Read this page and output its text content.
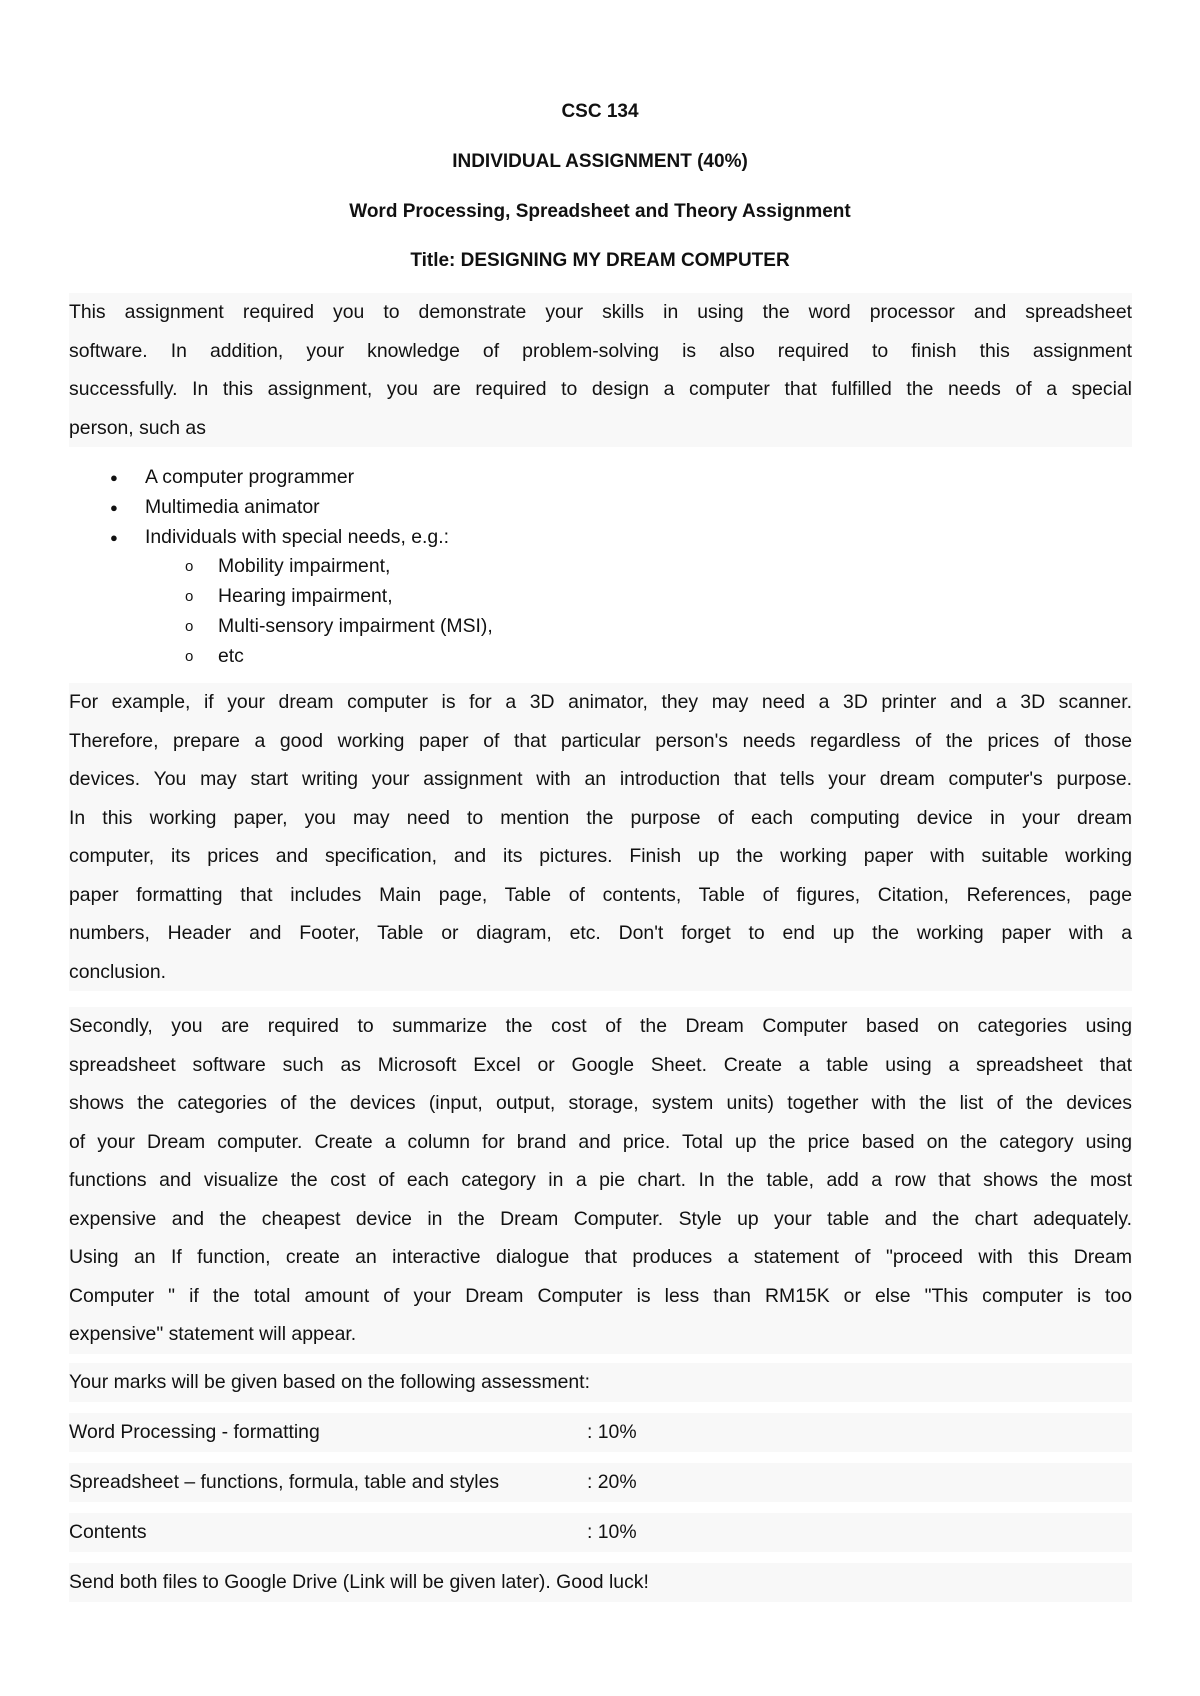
CSC 134
INDIVIDUAL ASSIGNMENT (40%)
Word Processing, Spreadsheet and Theory Assignment
Title: DESIGNING MY DREAM COMPUTER
This assignment required you to demonstrate your skills in using the word processor and spreadsheet
software. In addition, your knowledge of problem-solving is also required to finish this assignment
successfully. In this assignment, you are required to design a computer that fulfilled the needs of a special
person, such as
● A computer programmer
● Multimedia animator
● Individuals with special needs, e.g.:
o Mobility impairment,
o Hearing impairment,
o Multi-sensory impairment (MSI),
o etc
For example, if your dream computer is for a 3D animator, they may need a 3D printer and a 3D scanner.
Therefore, prepare a good working paper of that particular person's needs regardless of the prices of those
devices. You may start writing your assignment with an introduction that tells your dream computer's purpose.
In this working paper, you may need to mention the purpose of each computing device in your dream
computer, its prices and specification, and its pictures. Finish up the working paper with suitable working
paper formatting that includes Main page, Table of contents, Table of figures, Citation, References, page
numbers, Header and Footer, Table or diagram, etc. Don't forget to end up the working paper with a
conclusion.
Secondly, you are required to summarize the cost of the Dream Computer based on categories using
spreadsheet software such as Microsoft Excel or Google Sheet. Create a table using a spreadsheet that
shows the categories of the devices (input, output, storage, system units) together with the list of the devices
of your Dream computer. Create a column for brand and price. Total up the price based on the category using
functions and visualize the cost of each category in a pie chart. In the table, add a row that shows the most
expensive and the cheapest device in the Dream Computer. Style up your table and the chart adequately.
Using an If function, create an interactive dialogue that produces a statement of "proceed with this Dream
Computer " if the total amount of your Dream Computer is less than RM15K or else "This computer is too
expensive" statement will appear.
Your marks will be given based on the following assessment:
Word Processing - formatting	: 10%
Spreadsheet – functions, formula, table and styles	: 20%
Contents	: 10%
Send both files to Google Drive (Link will be given later). Good luck!
